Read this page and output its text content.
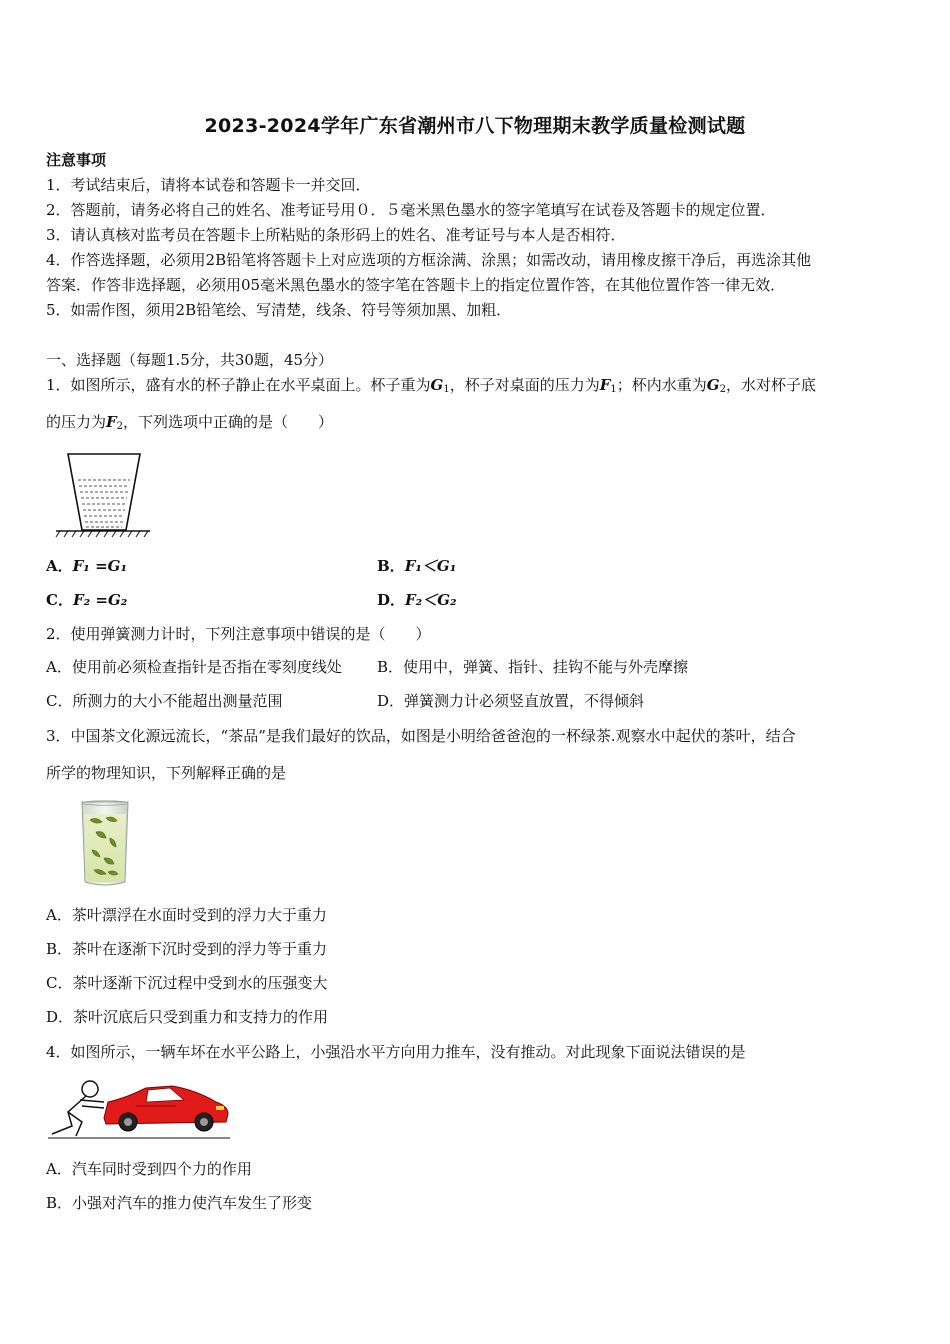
2023-2024学年广东省潮州市八下物理期末教学质量检测试题
注意事项
1．考试结束后，请将本试卷和答题卡一并交回．
2．答题前，请务必将自己的姓名、准考证号用０．５毫米黑色墨水的签字笔填写在试卷及答题卡的规定位置．
3．请认真核对监考员在答题卡上所粘贴的条形码上的姓名、准考证号与本人是否相符．
4．作答选择题，必须用2B铅笔将答题卡上对应选项的方框涂满、涂黑；如需改动，请用橡皮擦干净后，再选涂其他
答案．作答非选择题，必须用05毫米黑色墨水的签字笔在答题卡上的指定位置作答，在其他位置作答一律无效．
5．如需作图，须用2B铅笔绘、写清楚，线条、符号等须加黑、加粗．
一、选择题（每题1.5分，共30题，45分）
1．如图所示，盛有水的杯子静止在水平桌面上。杯子重为$G_1$，杯子对桌面的压力为$F_1$；杯内水重为$G_2$，水对杯子底
的压力为$F_2$，下列选项中正确的是（　　）
A．F₁ =G₁	B．F₁＜G₁
C．F₂ =G₂	D．F₂＜G₂
2．使用弹簧测力计时，下列注意事项中错误的是（　　）
A．使用前必须检查指针是否指在零刻度线处 B．使用中，弹簧、指针、挂钩不能与外壳摩擦
C．所测力的大小不能超出测量范围	D．弹簧测力计必须竖直放置，不得倾斜
3．中国茶文化源远流长，“茶品”是我们最好的饮品，如图是小明给爸爸泡的一杯绿茶.观察水中起伏的茶叶，结合
所学的物理知识，下列解释正确的是
A．茶叶漂浮在水面时受到的浮力大于重力
B．茶叶在逐渐下沉时受到的浮力等于重力
C．茶叶逐渐下沉过程中受到水的压强变大
D．茶叶沉底后只受到重力和支持力的作用
4．如图所示，一辆车坏在水平公路上，小强沿水平方向用力推车，没有推动。对此现象下面说法错误的是
A．汽车同时受到四个力的作用
B．小强对汽车的推力使汽车发生了形变
